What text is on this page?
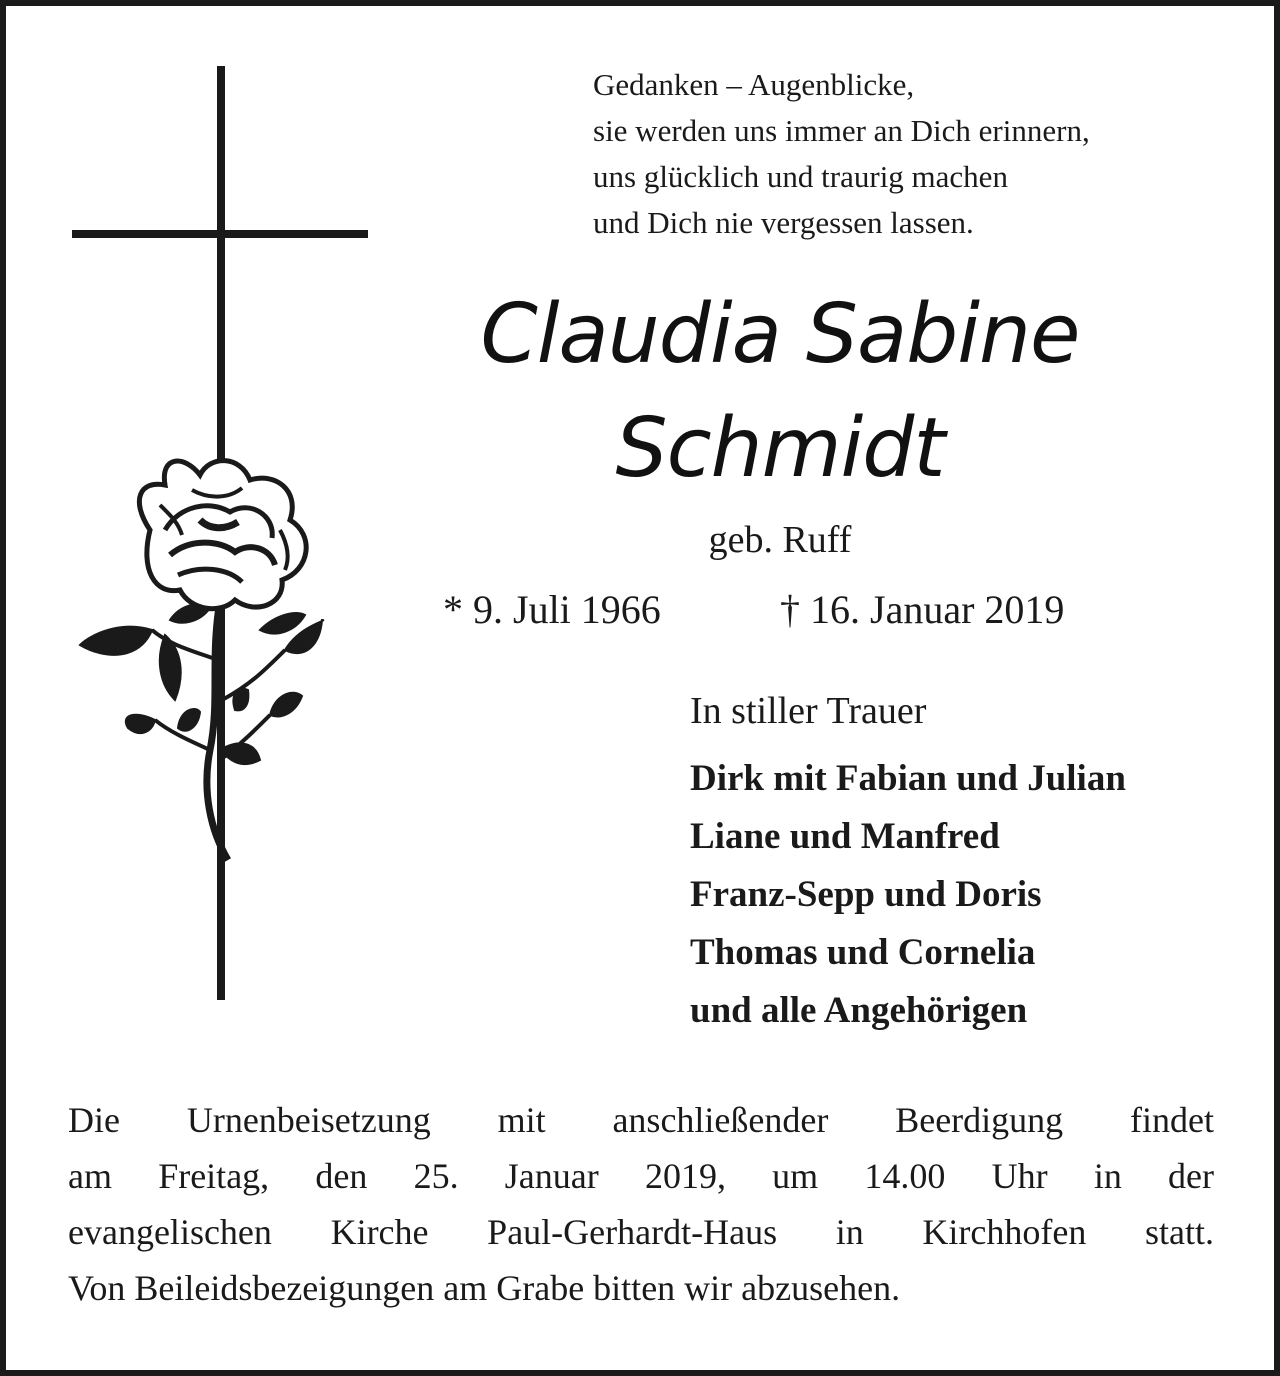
Gedanken – Augenblicke,
sie werden uns immer an Dich erinnern,
uns glücklich und traurig machen
und Dich nie vergessen lassen.
Claudia Sabine
Schmidt
geb. Ruff
* 9. Juli 1966	† 16. Januar 2019
In stiller Trauer
Dirk mit Fabian und Julian
Liane und Manfred
Franz-Sepp und Doris
Thomas und Cornelia
und alle Angehörigen
Die Urnenbeisetzung mit anschließender Beerdigung findet
am Freitag, den 25. Januar 2019, um 14.00 Uhr in der
evangelischen Kirche Paul-Gerhardt-Haus in Kirchhofen statt.
Von Beileidsbezeigungen am Grabe bitten wir abzusehen.
